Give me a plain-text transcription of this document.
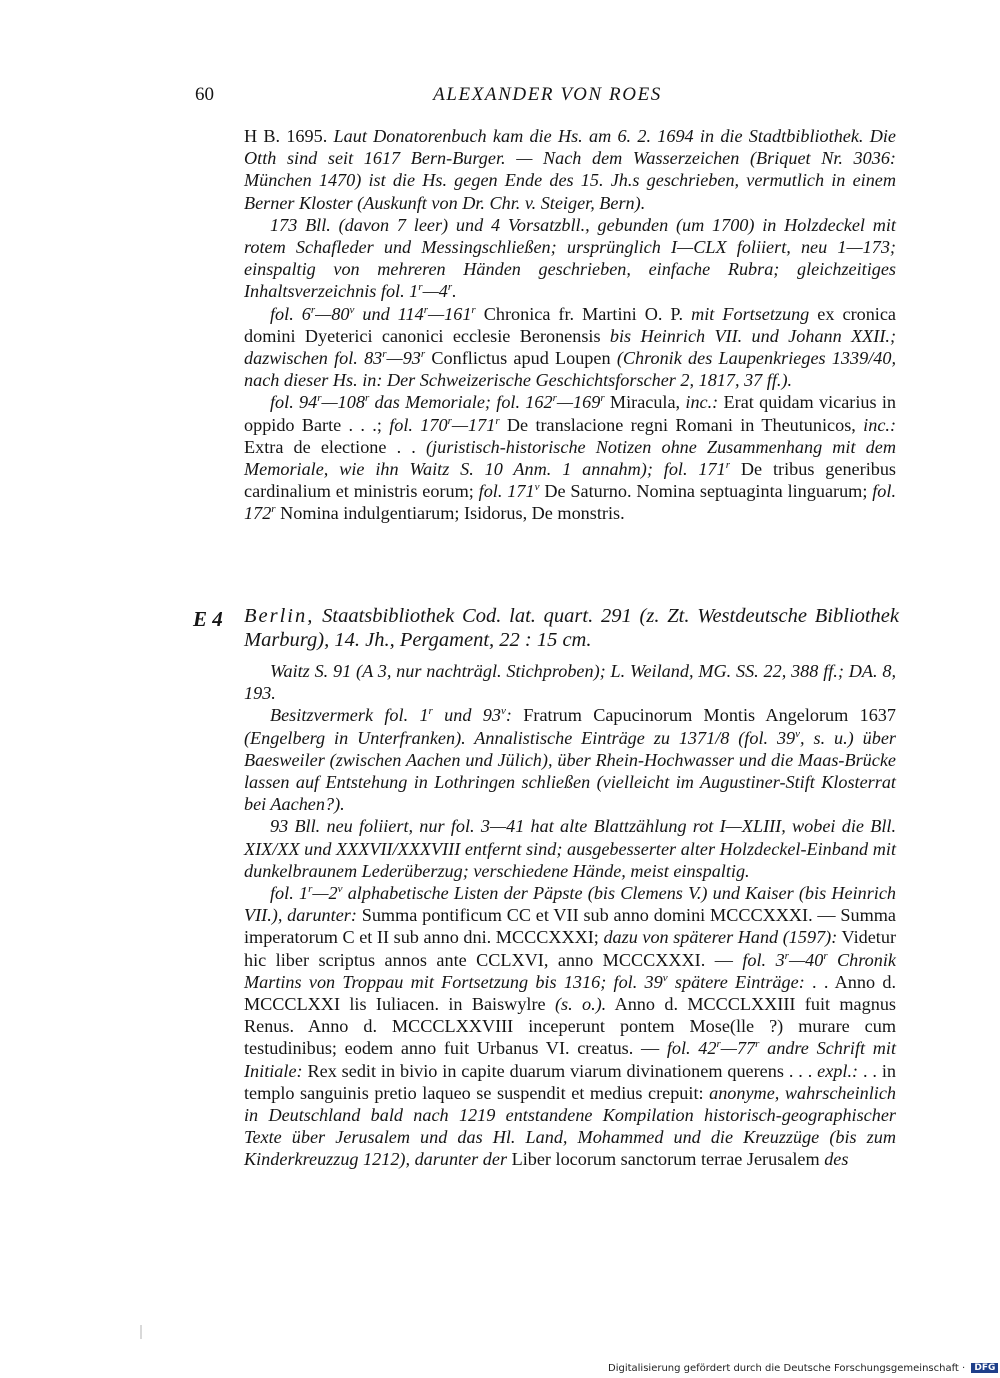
60	ALEXANDER VON ROES

H B. 1695. Laut Donatorenbuch kam die Hs. am 6. 2. 1694 in die Stadtbibliothek. Die Otth sind seit 1617 Bern-Burger. — Nach dem Wasserzeichen (Briquet Nr. 3036: München 1470) ist die Hs. gegen Ende des 15. Jh.s geschrieben, vermutlich in einem Berner Kloster (Auskunft von Dr. Chr. v. Steiger, Bern).

173 Bll. (davon 7 leer) und 4 Vorsatzbll., gebunden (um 1700) in Holzdeckel mit rotem Schafleder und Messingschließen; ursprünglich I—CLX foliiert, neu 1—173; einspaltig von mehreren Händen geschrieben, einfache Rubra; gleichzeitiges Inhaltsverzeichnis fol. 1$^r$—4$^r$.

fol. 6$^r$—80$^v$ und 114$^r$—161$^r$ Chronica fr. Martini O. P. mit Fortsetzung ex cronica domini Dyeterici canonici ecclesie Beronensis bis Heinrich VII. und Johann XXII.; dazwischen fol. 83$^r$—93$^r$ Conflictus apud Loupen (Chronik des Laupenkrieges 1339/40, nach dieser Hs. in: Der Schweizerische Geschichtsforscher 2, 1817, 37 ff.).

fol. 94$^r$—108$^r$ das Memoriale; fol. 162$^r$—169$^r$ Miracula, inc.: Erat quidam vicarius in oppido Barte . . .; fol. 170$^r$—171$^r$ De translacione regni Romani in Theutunicos, inc.: Extra de electione . . (juristisch-historische Notizen ohne Zusammenhang mit dem Memoriale, wie ihn Waitz S. 10 Anm. 1 annahm); fol. 171$^r$ De tribus generibus cardinalium et ministris eorum; fol. 171$^v$ De Saturno. Nomina septuaginta linguarum; fol. 172$^r$ Nomina indulgentiarum; Isidorus, De monstris.

E 4 Berlin, Staatsbibliothek Cod. lat. quart. 291 (z. Zt. Westdeutsche Bibliothek Marburg), 14. Jh., Pergament, 22 : 15 cm.

Waitz S. 91 (A 3, nur nachträgl. Stichproben); L. Weiland, MG. SS. 22, 388 ff.; DA. 8, 193.

Besitzvermerk fol. 1$^r$ und 93$^v$: Fratrum Capucinorum Montis Angelorum 1637 (Engelberg in Unterfranken). Annalistische Einträge zu 1371/8 (fol. 39$^v$, s. u.) über Baesweiler (zwischen Aachen und Jülich), über Rhein-Hochwasser und die Maas-Brücke lassen auf Entstehung in Lothringen schließen (vielleicht im Augustiner-Stift Klosterrat bei Aachen?).

93 Bll. neu foliiert, nur fol. 3—41 hat alte Blattzählung rot I—XLIII, wobei die Bll. XIX/XX und XXXVII/XXXVIII entfernt sind; ausgebesserter alter Holzdeckel-Einband mit dunkelbraunem Lederüberzug; verschiedene Hände, meist einspaltig.

fol. 1$^r$—2$^v$ alphabetische Listen der Päpste (bis Clemens V.) und Kaiser (bis Heinrich VII.), darunter: Summa pontificum CC et VII sub anno domini MCCCXXXI. — Summa imperatorum C et II sub anno dni. MCCCXXXI; dazu von späterer Hand (1597): Videtur hic liber scriptus annos ante CCLXVI, anno MCCCXXXI. — fol. 3$^r$—40$^r$ Chronik Martins von Troppau mit Fortsetzung bis 1316; fol. 39$^v$ spätere Einträge: . . Anno d. MCCCLXXI lis Iuliacen. in Baiswylre (s. o.). Anno d. MCCCLXXIII fuit magnus Renus. Anno d. MCCCLXXVIII inceperunt pontem Mose(lle ?) murare cum testudinibus; eodem anno fuit Urbanus VI. creatus. — fol. 42$^r$—77$^r$ andre Schrift mit Initiale: Rex sedit in bivio in capite duarum viarum divinationem querens . . . expl.: . . in templo sanguinis pretio laqueo se suspendit et medius crepuit: anonyme, wahrscheinlich in Deutschland bald nach 1219 entstandene Kompilation historisch-geographischer Texte über Jerusalem und das Hl. Land, Mohammed und die Kreuzzüge (bis zum Kinderkreuzzug 1212), darunter der Liber locorum sanctorum terrae Jerusalem des

Digitalisierung gefördert durch die Deutsche Forschungsgemeinschaft · DFG
